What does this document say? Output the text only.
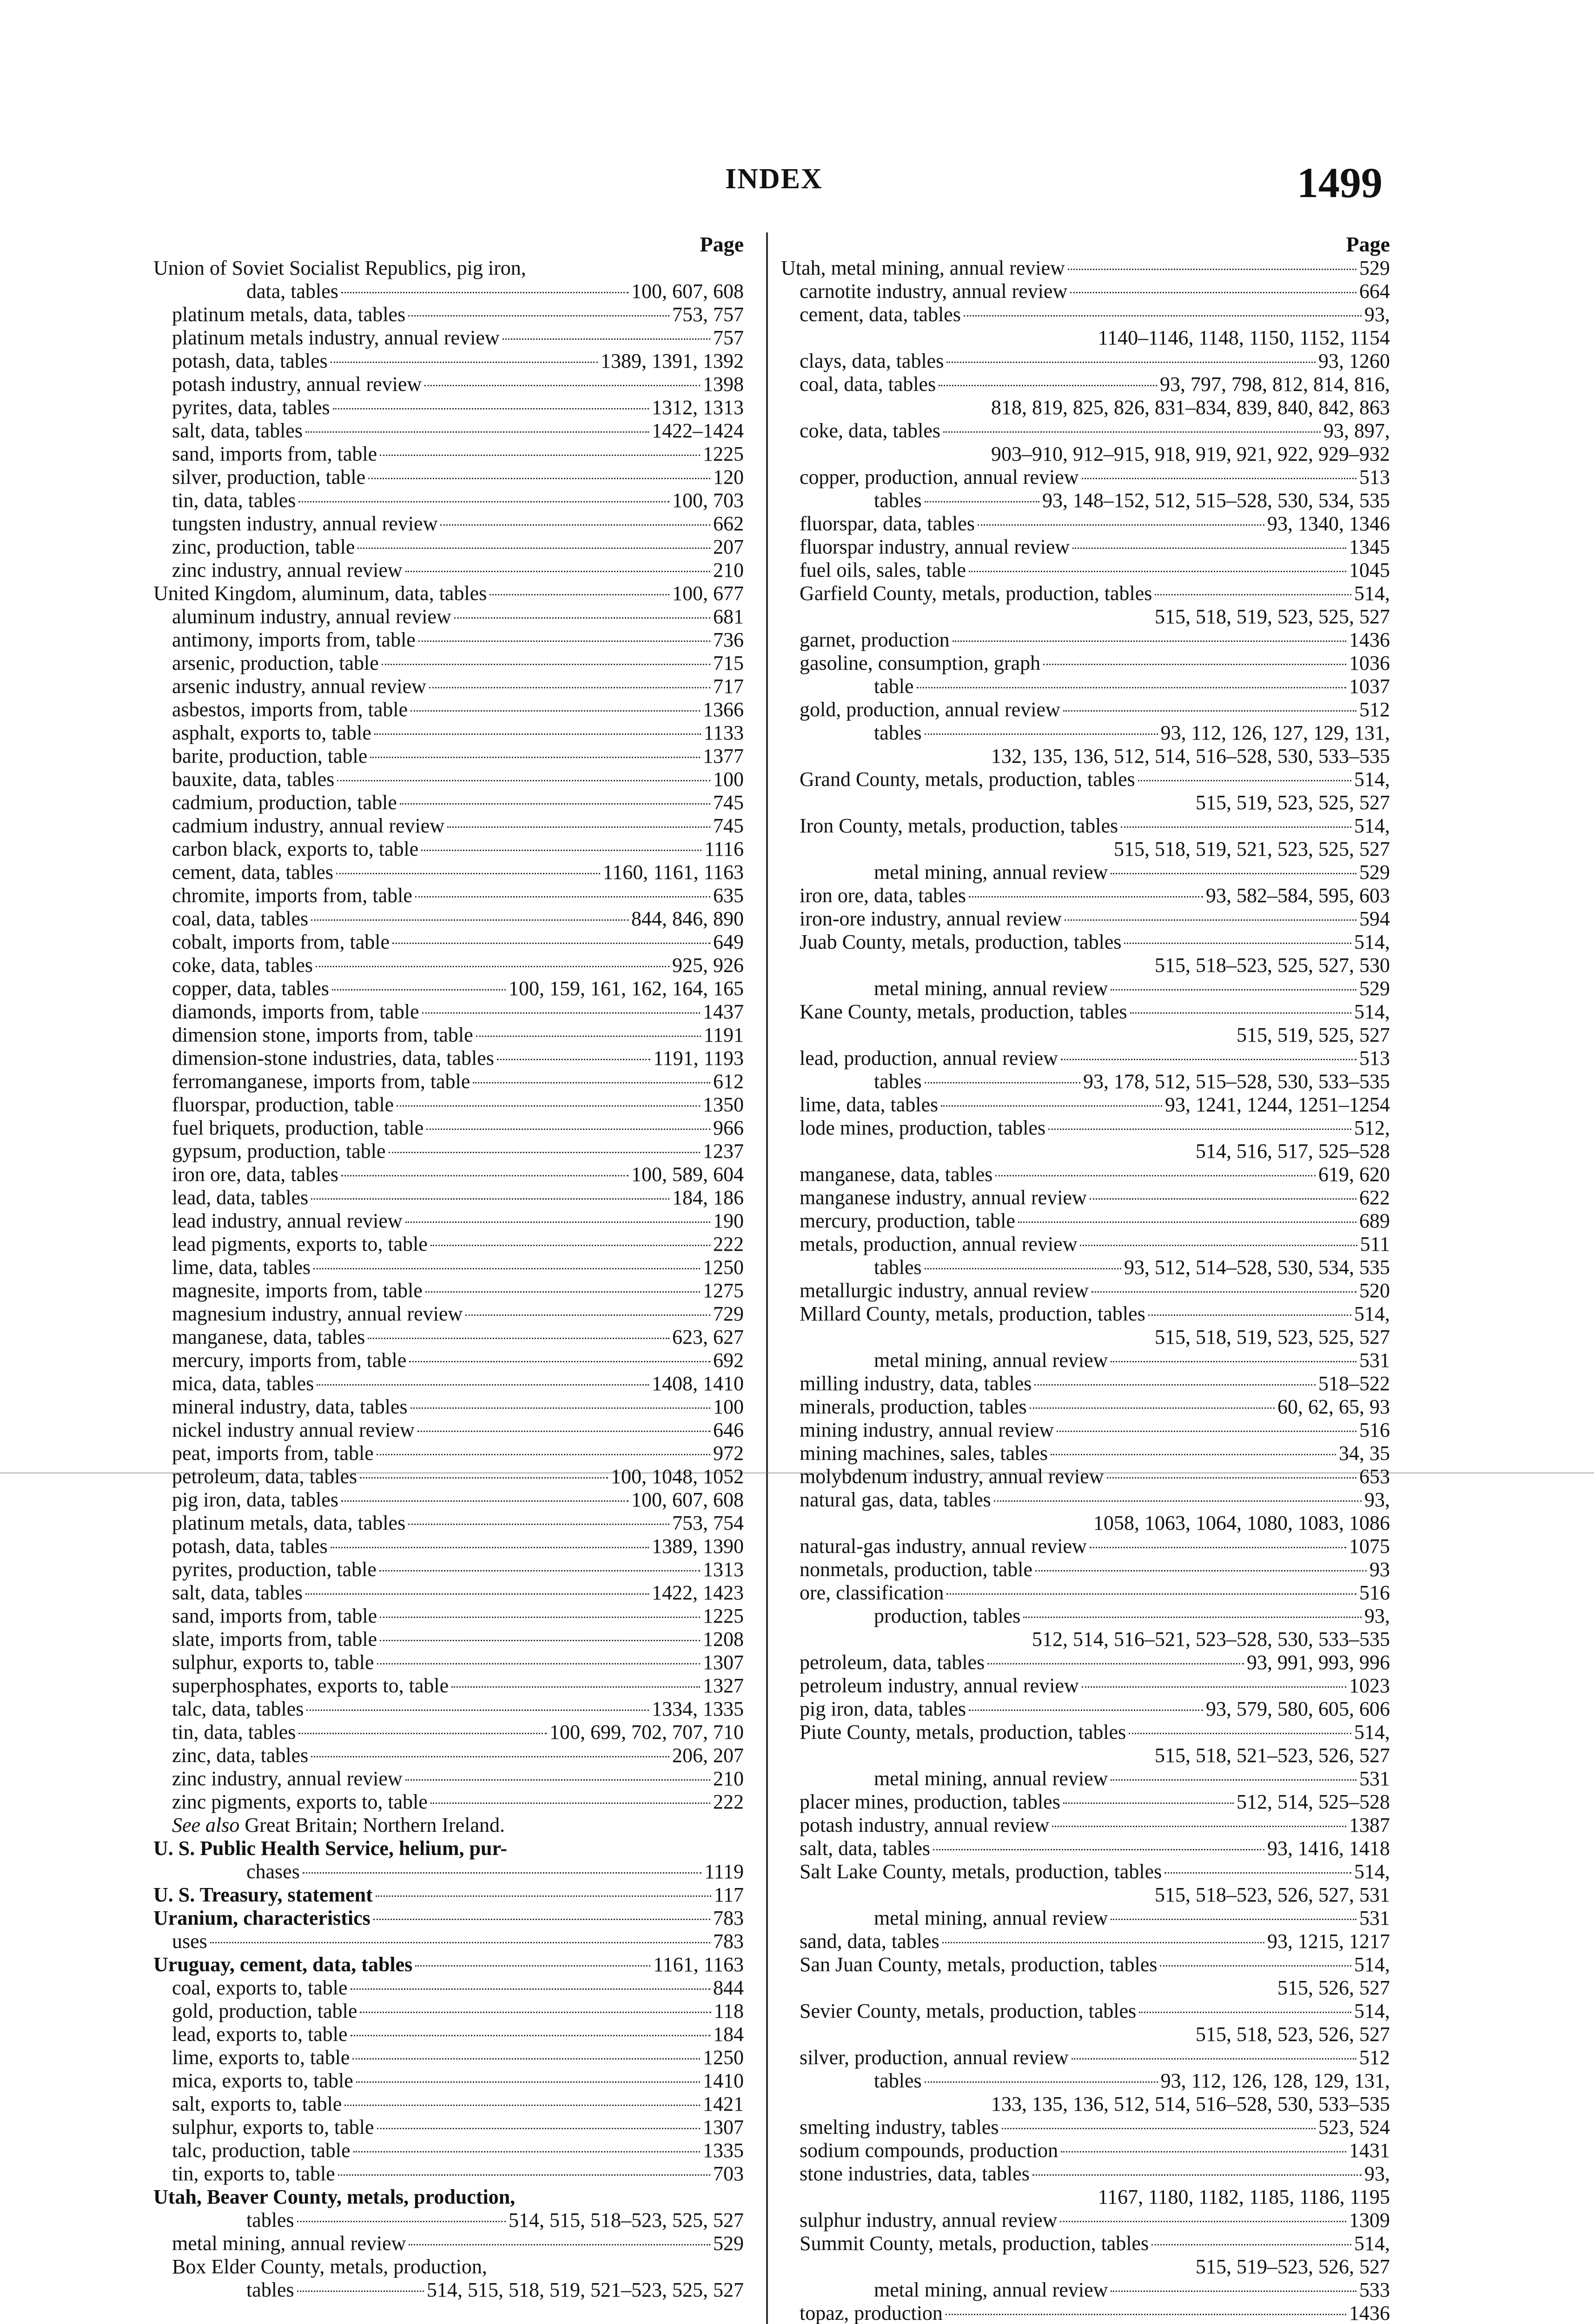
INDEX	1499
Page
Union of Soviet Socialist Republics, pig iron,
data, tables	100, 607, 608
platinum metals, data, tables	753, 757
platinum metals industry, annual review	757
potash, data, tables	1389, 1391, 1392
potash industry, annual review	1398
pyrites, data, tables	1312, 1313
salt, data, tables	1422–1424
sand, imports from, table	1225
silver, production, table	120
tin, data, tables	100, 703
tungsten industry, annual review	662
zinc, production, table	207
zinc industry, annual review	210
United Kingdom, aluminum, data, tables	100, 677
aluminum industry, annual review	681
antimony, imports from, table	736
arsenic, production, table	715
arsenic industry, annual review	717
asbestos, imports from, table	1366
asphalt, exports to, table	1133
barite, production, table	1377
bauxite, data, tables	100
cadmium, production, table	745
cadmium industry, annual review	745
carbon black, exports to, table	1116
cement, data, tables	1160, 1161, 1163
chromite, imports from, table	635
coal, data, tables	844, 846, 890
cobalt, imports from, table	649
coke, data, tables	925, 926
copper, data, tables	100, 159, 161, 162, 164, 165
diamonds, imports from, table	1437
dimension stone, imports from, table	1191
dimension-stone industries, data, tables	1191, 1193
ferromanganese, imports from, table	612
fluorspar, production, table	1350
fuel briquets, production, table	966
gypsum, production, table	1237
iron ore, data, tables	100, 589, 604
lead, data, tables	184, 186
lead industry, annual review	190
lead pigments, exports to, table	222
lime, data, tables	1250
magnesite, imports from, table	1275
magnesium industry, annual review	729
manganese, data, tables	623, 627
mercury, imports from, table	692
mica, data, tables	1408, 1410
mineral industry, data, tables	100
nickel industry annual review	646
peat, imports from, table	972
petroleum, data, tables	100, 1048, 1052
pig iron, data, tables	100, 607, 608
platinum metals, data, tables	753, 754
potash, data, tables	1389, 1390
pyrites, production, table	1313
salt, data, tables	1422, 1423
sand, imports from, table	1225
slate, imports from, table	1208
sulphur, exports to, table	1307
superphosphates, exports to, table	1327
talc, data, tables	1334, 1335
tin, data, tables	100, 699, 702, 707, 710
zinc, data, tables	206, 207
zinc industry, annual review	210
zinc pigments, exports to, table	222
See also Great Britain; Northern Ireland.
U. S. Public Health Service, helium, pur-
chases	1119
U. S. Treasury, statement	117
Uranium, characteristics	783
uses	783
Uruguay, cement, data, tables	1161, 1163
coal, exports to, table	844
gold, production, table	118
lead, exports to, table	184
lime, exports to, table	1250
mica, exports to, table	1410
salt, exports to, table	1421
sulphur, exports to, table	1307
talc, production, table	1335
tin, exports to, table	703
Utah, Beaver County, metals, production,
tables	514, 515, 518–523, 525, 527
metal mining, annual review	529
Box Elder County, metals, production,
tables	514, 515, 518, 519, 521–523, 525, 527
Page
Utah, metal mining, annual review	529
carnotite industry, annual review	664
cement, data, tables	93,
1140–1146, 1148, 1150, 1152, 1154
clays, data, tables	93, 1260
coal, data, tables	93, 797, 798, 812, 814, 816,
818, 819, 825, 826, 831–834, 839, 840, 842, 863
coke, data, tables	93, 897,
903–910, 912–915, 918, 919, 921, 922, 929–932
copper, production, annual review	513
tables	93, 148–152, 512, 515–528, 530, 534, 535
fluorspar, data, tables	93, 1340, 1346
fluorspar industry, annual review	1345
fuel oils, sales, table	1045
Garfield County, metals, production, tables	514,
515, 518, 519, 523, 525, 527
garnet, production	1436
gasoline, consumption, graph	1036
table	1037
gold, production, annual review	512
tables	93, 112, 126, 127, 129, 131,
132, 135, 136, 512, 514, 516–528, 530, 533–535
Grand County, metals, production, tables	514,
515, 519, 523, 525, 527
Iron County, metals, production, tables	514,
515, 518, 519, 521, 523, 525, 527
metal mining, annual review	529
iron ore, data, tables	93, 582–584, 595, 603
iron-ore industry, annual review	594
Juab County, metals, production, tables	514,
515, 518–523, 525, 527, 530
metal mining, annual review	529
Kane County, metals, production, tables	514,
515, 519, 525, 527
lead, production, annual review	513
tables	93, 178, 512, 515–528, 530, 533–535
lime, data, tables	93, 1241, 1244, 1251–1254
lode mines, production, tables	512,
514, 516, 517, 525–528
manganese, data, tables	619, 620
manganese industry, annual review	622
mercury, production, table	689
metals, production, annual review	511
tables	93, 512, 514–528, 530, 534, 535
metallurgic industry, annual review	520
Millard County, metals, production, tables	514,
515, 518, 519, 523, 525, 527
metal mining, annual review	531
milling industry, data, tables	518–522
minerals, production, tables	60, 62, 65, 93
mining industry, annual review	516
mining machines, sales, tables	34, 35
molybdenum industry, annual review	653
natural gas, data, tables	93,
1058, 1063, 1064, 1080, 1083, 1086
natural-gas industry, annual review	1075
nonmetals, production, table	93
ore, classification	516
production, tables	93,
512, 514, 516–521, 523–528, 530, 533–535
petroleum, data, tables	93, 991, 993, 996
petroleum industry, annual review	1023
pig iron, data, tables	93, 579, 580, 605, 606
Piute County, metals, production, tables	514,
515, 518, 521–523, 526, 527
metal mining, annual review	531
placer mines, production, tables	512, 514, 525–528
potash industry, annual review	1387
salt, data, tables	93, 1416, 1418
Salt Lake County, metals, production, tables	514,
515, 518–523, 526, 527, 531
metal mining, annual review	531
sand, data, tables	93, 1215, 1217
San Juan County, metals, production, tables	514,
515, 526, 527
Sevier County, metals, production, tables	514,
515, 518, 523, 526, 527
silver, production, annual review	512
tables	93, 112, 126, 128, 129, 131,
133, 135, 136, 512, 514, 516–528, 530, 533–535
smelting industry, tables	523, 524
sodium compounds, production	1431
stone industries, data, tables	93,
1167, 1180, 1182, 1185, 1186, 1195
sulphur industry, annual review	1309
Summit County, metals, production, tables	514,
515, 519–523, 526, 527
metal mining, annual review	533
topaz, production	1436
